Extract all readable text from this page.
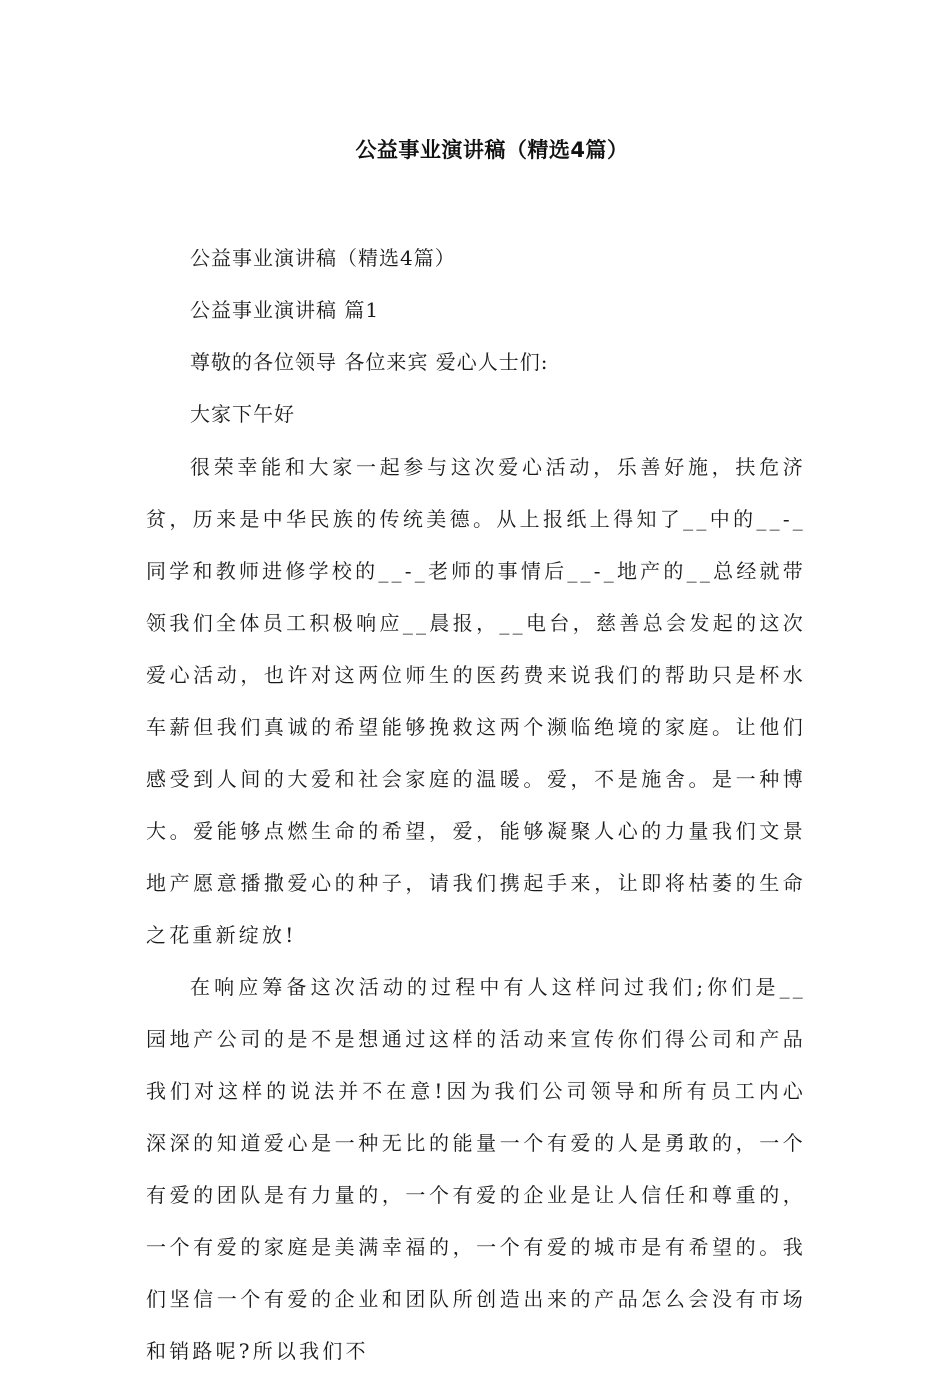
公益事业演讲稿（精选4篇）

公益事业演讲稿（精选4篇）

公益事业演讲稿 篇1

尊敬的各位领导 各位来宾 爱心人士们:

大家下午好

很荣幸能和大家一起参与这次爱心活动，乐善好施，扶危济贫，历来是中华民族的传统美德。从上报纸上得知了__中的__-_同学和教师进修学校的__-_老师的事情后__-_地产的__总经就带领我们全体员工积极响应__晨报，__电台，慈善总会发起的这次爱心活动，也许对这两位师生的医药费来说我们的帮助只是杯水车薪但我们真诚的希望能够挽救这两个濒临绝境的家庭。让他们感受到人间的大爱和社会家庭的温暖。爱，不是施舍。是一种博大。爱能够点燃生命的希望，爱，能够凝聚人心的力量我们文景地产愿意播撒爱心的种子，请我们携起手来，让即将枯萎的生命之花重新绽放!

在响应筹备这次活动的过程中有人这样问过我们;你们是__园地产公司的是不是想通过这样的活动来宣传你们得公司和产品我们对这样的说法并不在意!因为我们公司领导和所有员工内心深深的知道爱心是一种无比的能量一个有爱的人是勇敢的，一个有爱的团队是有力量的，一个有爱的企业是让人信任和尊重的，一个有爱的家庭是美满幸福的，一个有爱的城市是有希望的。我们坚信一个有爱的企业和团队所创造出来的产品怎么会没有市场和销路呢?所以我们不
